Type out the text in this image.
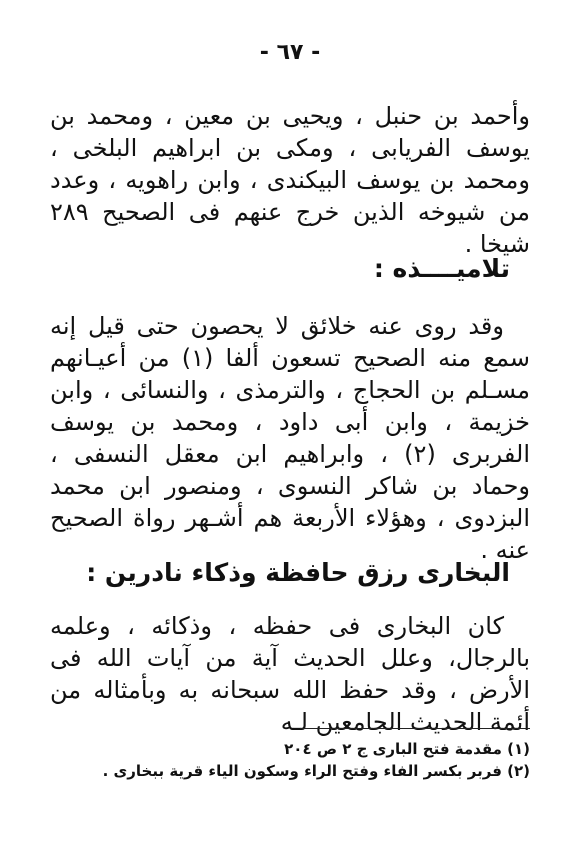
- ٦٧ -

وأحمد بن حنبل ، ويحيى بن معين ، ومحمد بن يوسف الفريابى ، ومكى بن ابراهيم البلخى ، ومحمد بن يوسف البيكندى ، وابن راهويه ، وعدد من شيوخه الذين خرج عنهم فى الصحيح ٢٨٩ شيخا .

تلاميــــذه :

وقد روى عنه خلائق لا يحصون حتى قيل إنه سمع منه الصحيح تسعون ألفا (١) من أعيـانهم مسـلم بن الحجاج ، والترمذى ، والنسائى ، وابن خزيمة ، وابن أبى داود ، ومحمد بن يوسف الفربرى (٢) ، وابراهيم ابن معقل النسفى ، وحماد بن شاكر النسوى ، ومنصور ابن محمد البزدوى ، وهؤلاء الأربعة هم أشـهر رواة الصحيح عنه .

البخارى رزق حافظة وذكاء نادرين :

كان البخارى فى حفظه ، وذكائه ، وعلمه بالرجال، وعلل الحديث آية من آيات الله فى الأرض ، وقد حفظ الله سبحانه به وبأمثاله من أئمة الحديث الجامعين لـه

(١) مقدمة فتح البارى ج ٢ ص ٢٠٤
(٢) فربر بكسر الفاء وفتح الراء وسكون الياء قرية ببخارى .
